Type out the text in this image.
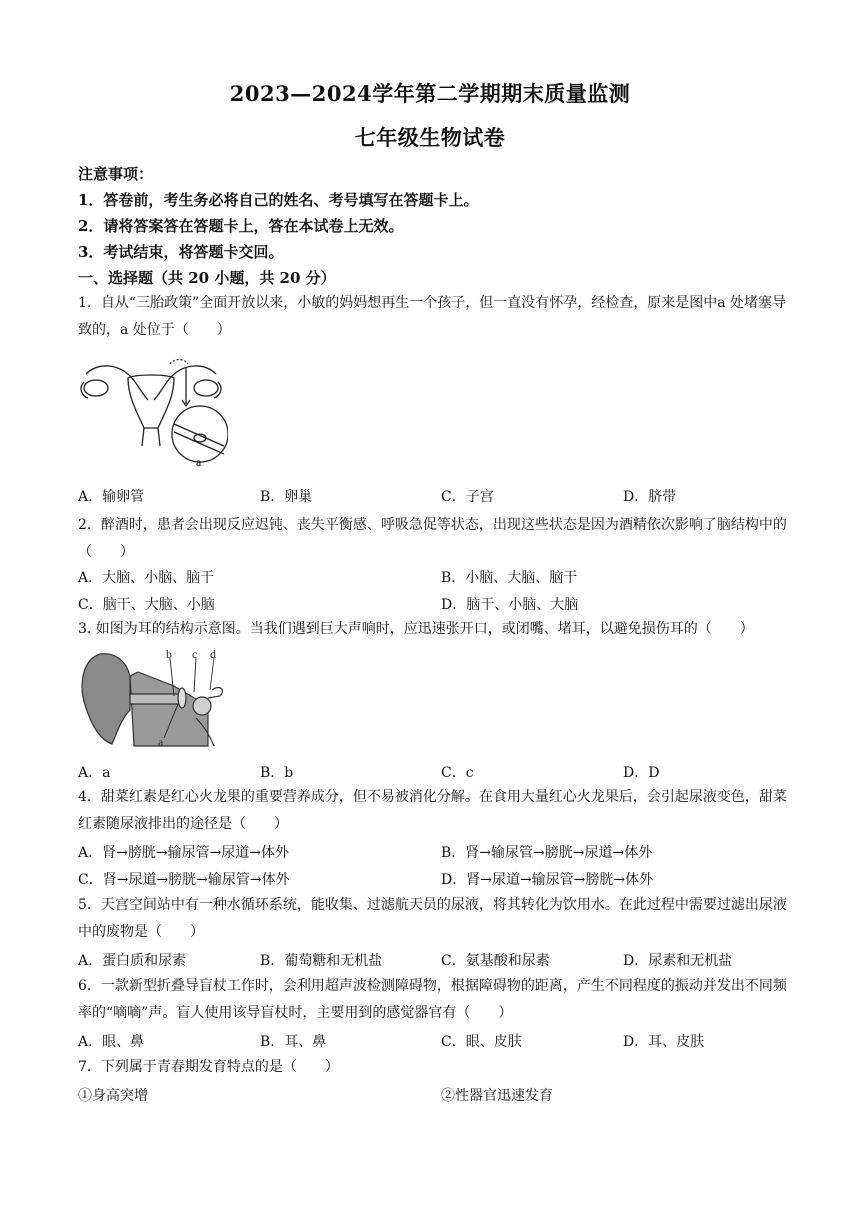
2023—2024学年第二学期期末质量监测
七年级生物试卷
注意事项：
1．答卷前，考生务必将自己的姓名、考号填写在答题卡上。
2．请将答案答在答题卡上，答在本试卷上无效。
3．考试结束，将答题卡交回。
一、选择题（共 20 小题，共 20 分）
1．自从“三胎政策”全面开放以来，小敏的妈妈想再生一个孩子，但一直没有怀孕，经检查，原来是图中a 处堵塞导致的，a 处位于（　　）
a
A．输卵管	B．卵巢	C．子宫	D．脐带
2．醉酒时，患者会出现反应迟钝、丧失平衡感、呼吸急促等状态，出现这些状态是因为酒精依次影响了脑结构中的（　　）
A．大脑、小脑、脑干	B．小脑、大脑、脑干
C．脑干、大脑、小脑	D．脑干、小脑、大脑
3. 如图为耳的结构示意图。当我们遇到巨大声响时，应迅速张开口，或闭嘴、堵耳，以避免损伤耳的（　　）
a
b c d
A．a	B．b	C．c	D．D
4．甜菜红素是红心火龙果的重要营养成分，但不易被消化分解。在食用大量红心火龙果后，会引起尿液变色，甜菜红素随尿液排出的途径是（　　）
A．肾→膀胱→输尿管→尿道→体外	B．肾→输尿管→膀胱→尿道→体外
C．肾→尿道→膀胱→输尿管→体外	D．肾→尿道→输尿管→膀胱→体外
5．天宫空间站中有一种水循环系统，能收集、过滤航天员的尿液，将其转化为饮用水。在此过程中需要过滤出尿液中的废物是（　　）
A．蛋白质和尿素	B．葡萄糖和无机盐	C．氨基酸和尿素	D．尿素和无机盐
6．一款新型折叠导盲杖工作时，会利用超声波检测障碍物，根据障碍物的距离，产生不同程度的振动并发出不同频率的“嘀嘀”声。盲人使用该导盲杖时，主要用到的感觉器官有（　　）
A．眼、鼻	B．耳、鼻	C．眼、皮肤	D．耳、皮肤
7．下列属于青春期发育特点的是（　　）
①身高突增	②性器官迅速发育
